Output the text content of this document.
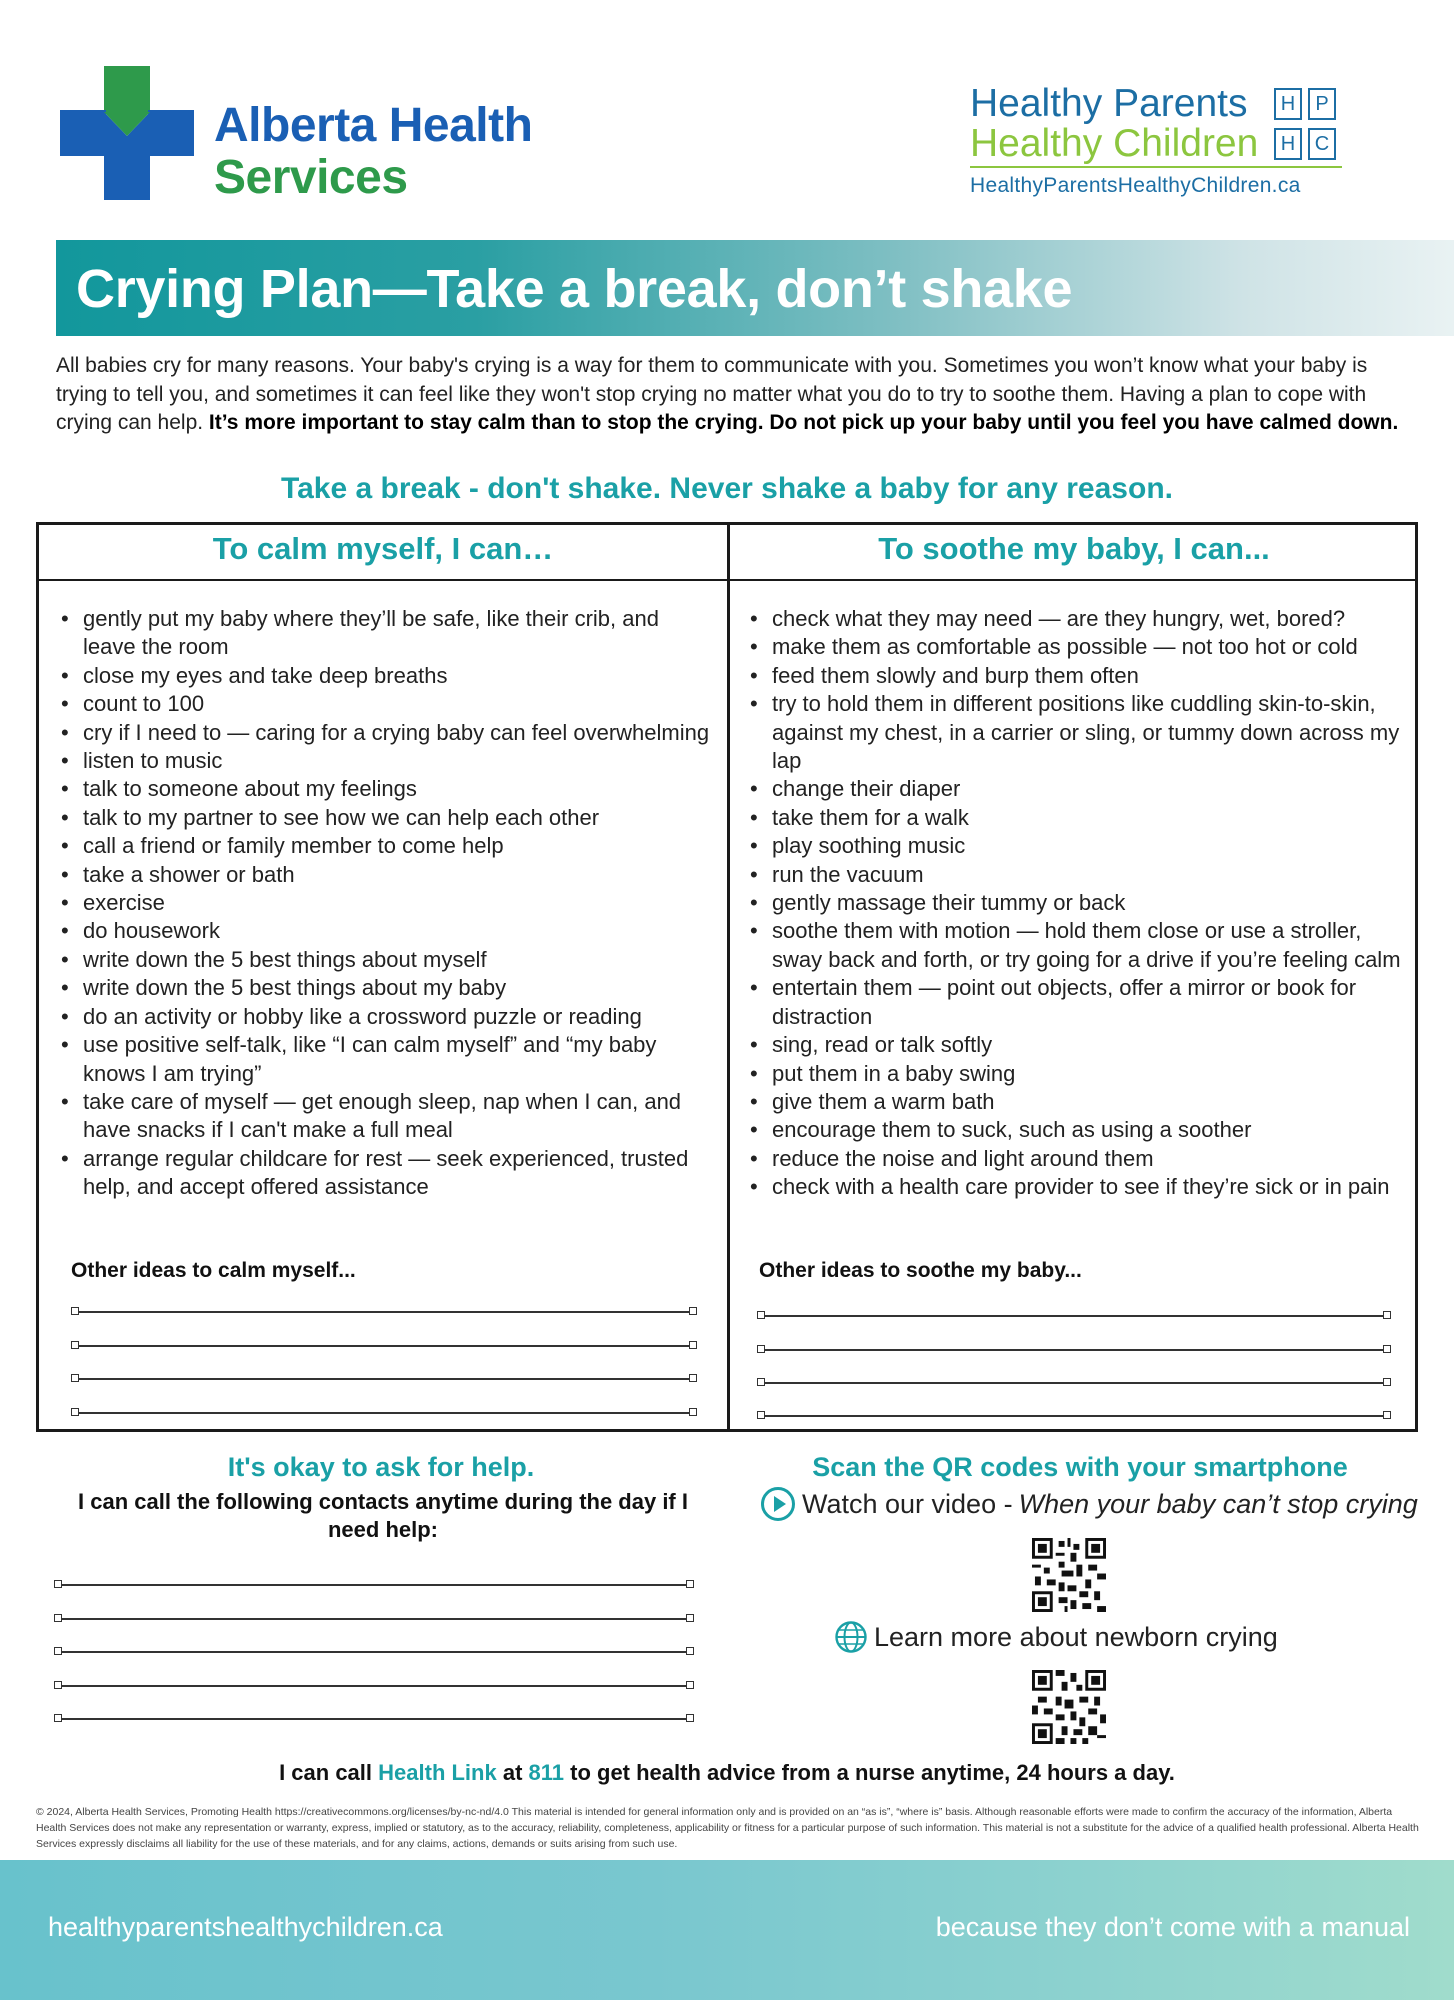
Alberta Health
Services
Healthy Parents	H	P
Healthy Children	H C
HealthyParentsHealthyChildren.ca
Crying Plan—Take a break, don’t shake
All babies cry for many reasons. Your baby's crying is a way for them to communicate with you. Sometimes you won’t know what your baby is trying to tell you, and sometimes it can feel like they won't stop crying no matter what you do to try to soothe them. Having a plan to cope with crying can help. It’s more important to stay calm than to stop the crying. Do not pick up your baby until you feel you have calmed down.
Take a break - don't shake. Never shake a baby for any reason.
To calm myself, I can…	To soothe my baby, I can...
• gently put my baby where they’ll be safe, like their crib, and leave the room
• close my eyes and take deep breaths
• count to 100
• cry if I need to — caring for a crying baby can feel overwhelming
• listen to music
• talk to someone about my feelings
• talk to my partner to see how we can help each other
• call a friend or family member to come help
• take a shower or bath
• exercise
• do housework
• write down the 5 best things about myself
• write down the 5 best things about my baby
• do an activity or hobby like a crossword puzzle or reading
• use positive self-talk, like “I can calm myself” and “my baby knows I am trying”
• take care of myself — get enough sleep, nap when I can, and have snacks if I can't make a full meal
• arrange regular childcare for rest — seek experienced, trusted help, and accept offered assistance
• check what they may need — are they hungry, wet, bored?
• make them as comfortable as possible — not too hot or cold
• feed them slowly and burp them often
• try to hold them in different positions like cuddling skin-to-skin, against my chest, in a carrier or sling, or tummy down across my lap
• change their diaper
• take them for a walk
• play soothing music
• run the vacuum
• gently massage their tummy or back
• soothe them with motion — hold them close or use a stroller, sway back and forth, or try going for a drive if you’re feeling calm
• entertain them — point out objects, offer a mirror or book for distraction
• sing, read or talk softly
• put them in a baby swing
• give them a warm bath
• encourage them to suck, such as using a soother
• reduce the noise and light around them
• check with a health care provider to see if they’re sick or in pain
Other ideas to calm myself...	Other ideas to soothe my baby...
It's okay to ask for help.
I can call the following contacts anytime during the day if I need help:
Scan the QR codes with your smartphone
Watch our video - When your baby can’t stop crying
Learn more about newborn crying
I can call Health Link at 811 to get health advice from a nurse anytime, 24 hours a day.
© 2024, Alberta Health Services, Promoting Health https://creativecommons.org/licenses/by-nc-nd/4.0 This material is intended for general information only and is provided on an “as is”, “where is” basis. Although reasonable efforts were made to confirm the accuracy of the information, Alberta Health Services does not make any representation or warranty, express, implied or statutory, as to the accuracy, reliability, completeness, applicability or fitness for a particular purpose of such information. This material is not a substitute for the advice of a qualified health professional. Alberta Health Services expressly disclaims all liability for the use of these materials, and for any claims, actions, demands or suits arising from such use.
healthyparentshealthychildren.ca	because they don’t come with a manual
